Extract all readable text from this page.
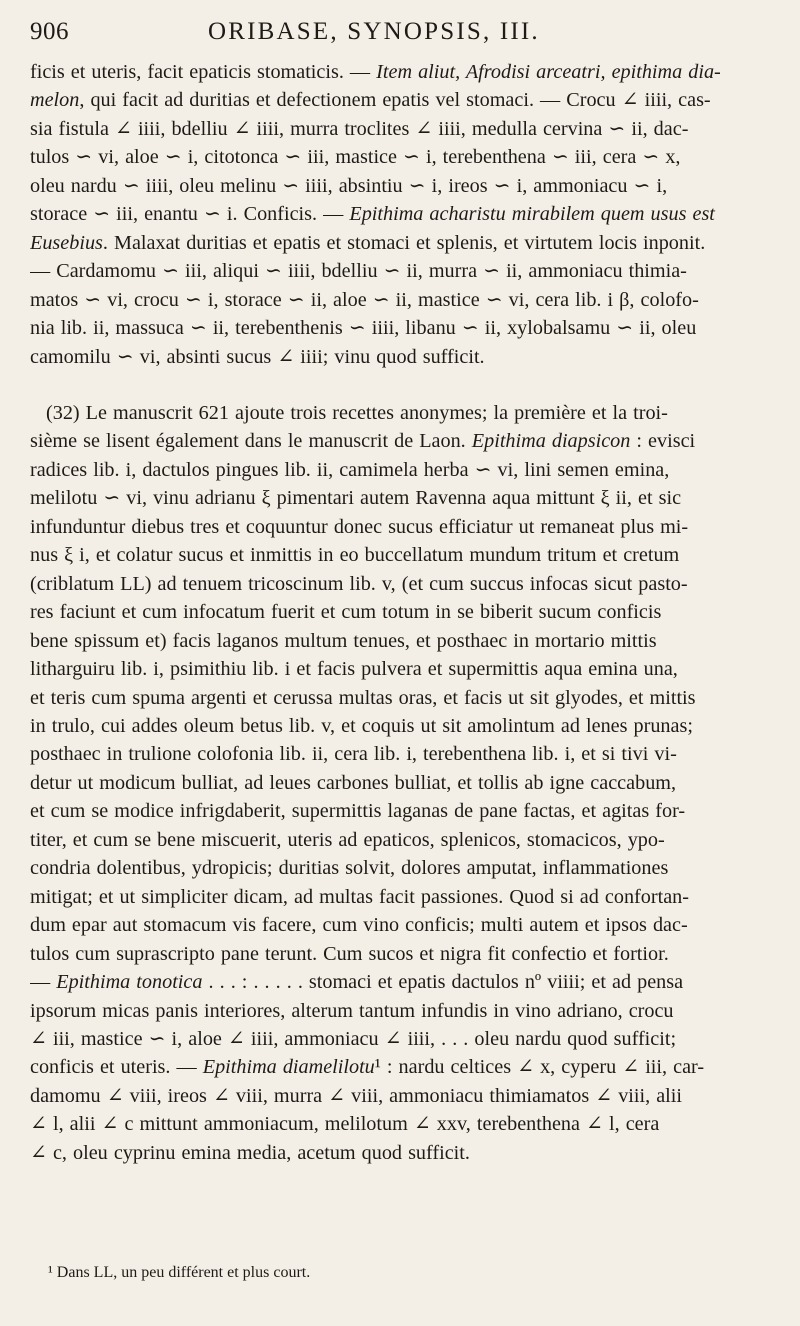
906	ORIBASE, SYNOPSIS, III.
ficis et uteris, facit epaticis stomaticis. — Item aliut, Afrodisi arceatri, epithima dia-
melon, qui facit ad duritias et defectionem epatis vel stomaci. — Crocu ∠ iiii, cas-
sia fistula ∠ iiii, bdelliu ∠ iiii, murra troclites ∠ iiii, medulla cervina ∽ ii, dac-
tulos ∽ vi, aloe ∽ i, citotonca ∽ iii, mastice ∽ i, terebenthena ∽ iii, cera ∽ x,
oleu nardu ∽ iiii, oleu melinu ∽ iiii, absintiu ∽ i, ireos ∽ i, ammoniacu ∽ i,
storace ∽ iii, enantu ∽ i. Conficis. — Epithima acharistu mirabilem quem usus est
Eusebius. Malaxat duritias et epatis et stomaci et splenis, et virtutem locis inponit.
— Cardamomu ∽ iii, aliqui ∽ iiii, bdelliu ∽ ii, murra ∽ ii, ammoniacu thimia-
matos ∽ vi, crocu ∽ i, storace ∽ ii, aloe ∽ ii, mastice ∽ vi, cera lib. i β, colofo-
nia lib. ii, massuca ∽ ii, terebenthenis ∽ iiii, libanu ∽ ii, xylobalsamu ∽ ii, oleu
camomilu ∽ vi, absinti sucus ∠ iiii; vinu quod sufficit.
(32) Le manuscrit 621 ajoute trois recettes anonymes; la première et la troi-
sième se lisent également dans le manuscrit de Laon. Epithima diapsicon : evisci
radices lib. i, dactulos pingues lib. ii, camimela herba ∽ vi, lini semen emina,
melilotu ∽ vi, vinu adrianu ξ pimentari autem Ravenna aqua mittunt ξ ii, et sic
infunduntur diebus tres et coquuntur donec sucus efficiatur ut remaneat plus mi-
nus ξ i, et colatur sucus et inmittis in eo buccellatum mundum tritum et cretum
(criblatum LL) ad tenuem tricoscinum lib. v, (et cum succus infocas sicut pasto-
res faciunt et cum infocatum fuerit et cum totum in se biberit sucum conficis
bene spissum et) facis laganos multum tenues, et posthaec in mortario mittis
litharguiru lib. i, psimithiu lib. i et facis pulvera et supermittis aqua emina una,
et teris cum spuma argenti et cerussa multas oras, et facis ut sit glyodes, et mittis
in trulo, cui addes oleum betus lib. v, et coquis ut sit amolintum ad lenes prunas;
posthaec in trulione colofonia lib. ii, cera lib. i, terebenthena lib. i, et si tivi vi-
detur ut modicum bulliat, ad leues carbones bulliat, et tollis ab igne caccabum,
et cum se modice infrigdaberit, supermittis laganas de pane factas, et agitas for-
titer, et cum se bene miscuerit, uteris ad epaticos, splenicos, stomacicos, ypo-
condria dolentibus, ydropicis; duritias solvit, dolores amputat, inflammationes
mitigat; et ut simpliciter dicam, ad multas facit passiones. Quod si ad confortan-
dum epar aut stomacum vis facere, cum vino conficis; multi autem et ipsos dac-
tulos cum suprascripto pane terunt. Cum sucos et nigra fit confectio et fortior.
— Epithima tonotica . . . : . . . . . stomaci et epatis dactulos nº viiii; et ad pensa
ipsorum micas panis interiores, alterum tantum infundis in vino adriano, crocu
∠ iii, mastice ∽ i, aloe ∠ iiii, ammoniacu ∠ iiii, . . . oleu nardu quod sufficit;
conficis et uteris. — Epithima diamelilotu¹ : nardu celtices ∠ x, cyperu ∠ iii, car-
damomu ∠ viii, ireos ∠ viii, murra ∠ viii, ammoniacu thimiamatos ∠ viii, alii
∠ l, alii ∠ c mittunt ammoniacum, melilotum ∠ xxv, terebenthena ∠ l, cera
∠ c, oleu cyprinu emina media, acetum quod sufficit.
¹ Dans LL, un peu différent et plus court.
